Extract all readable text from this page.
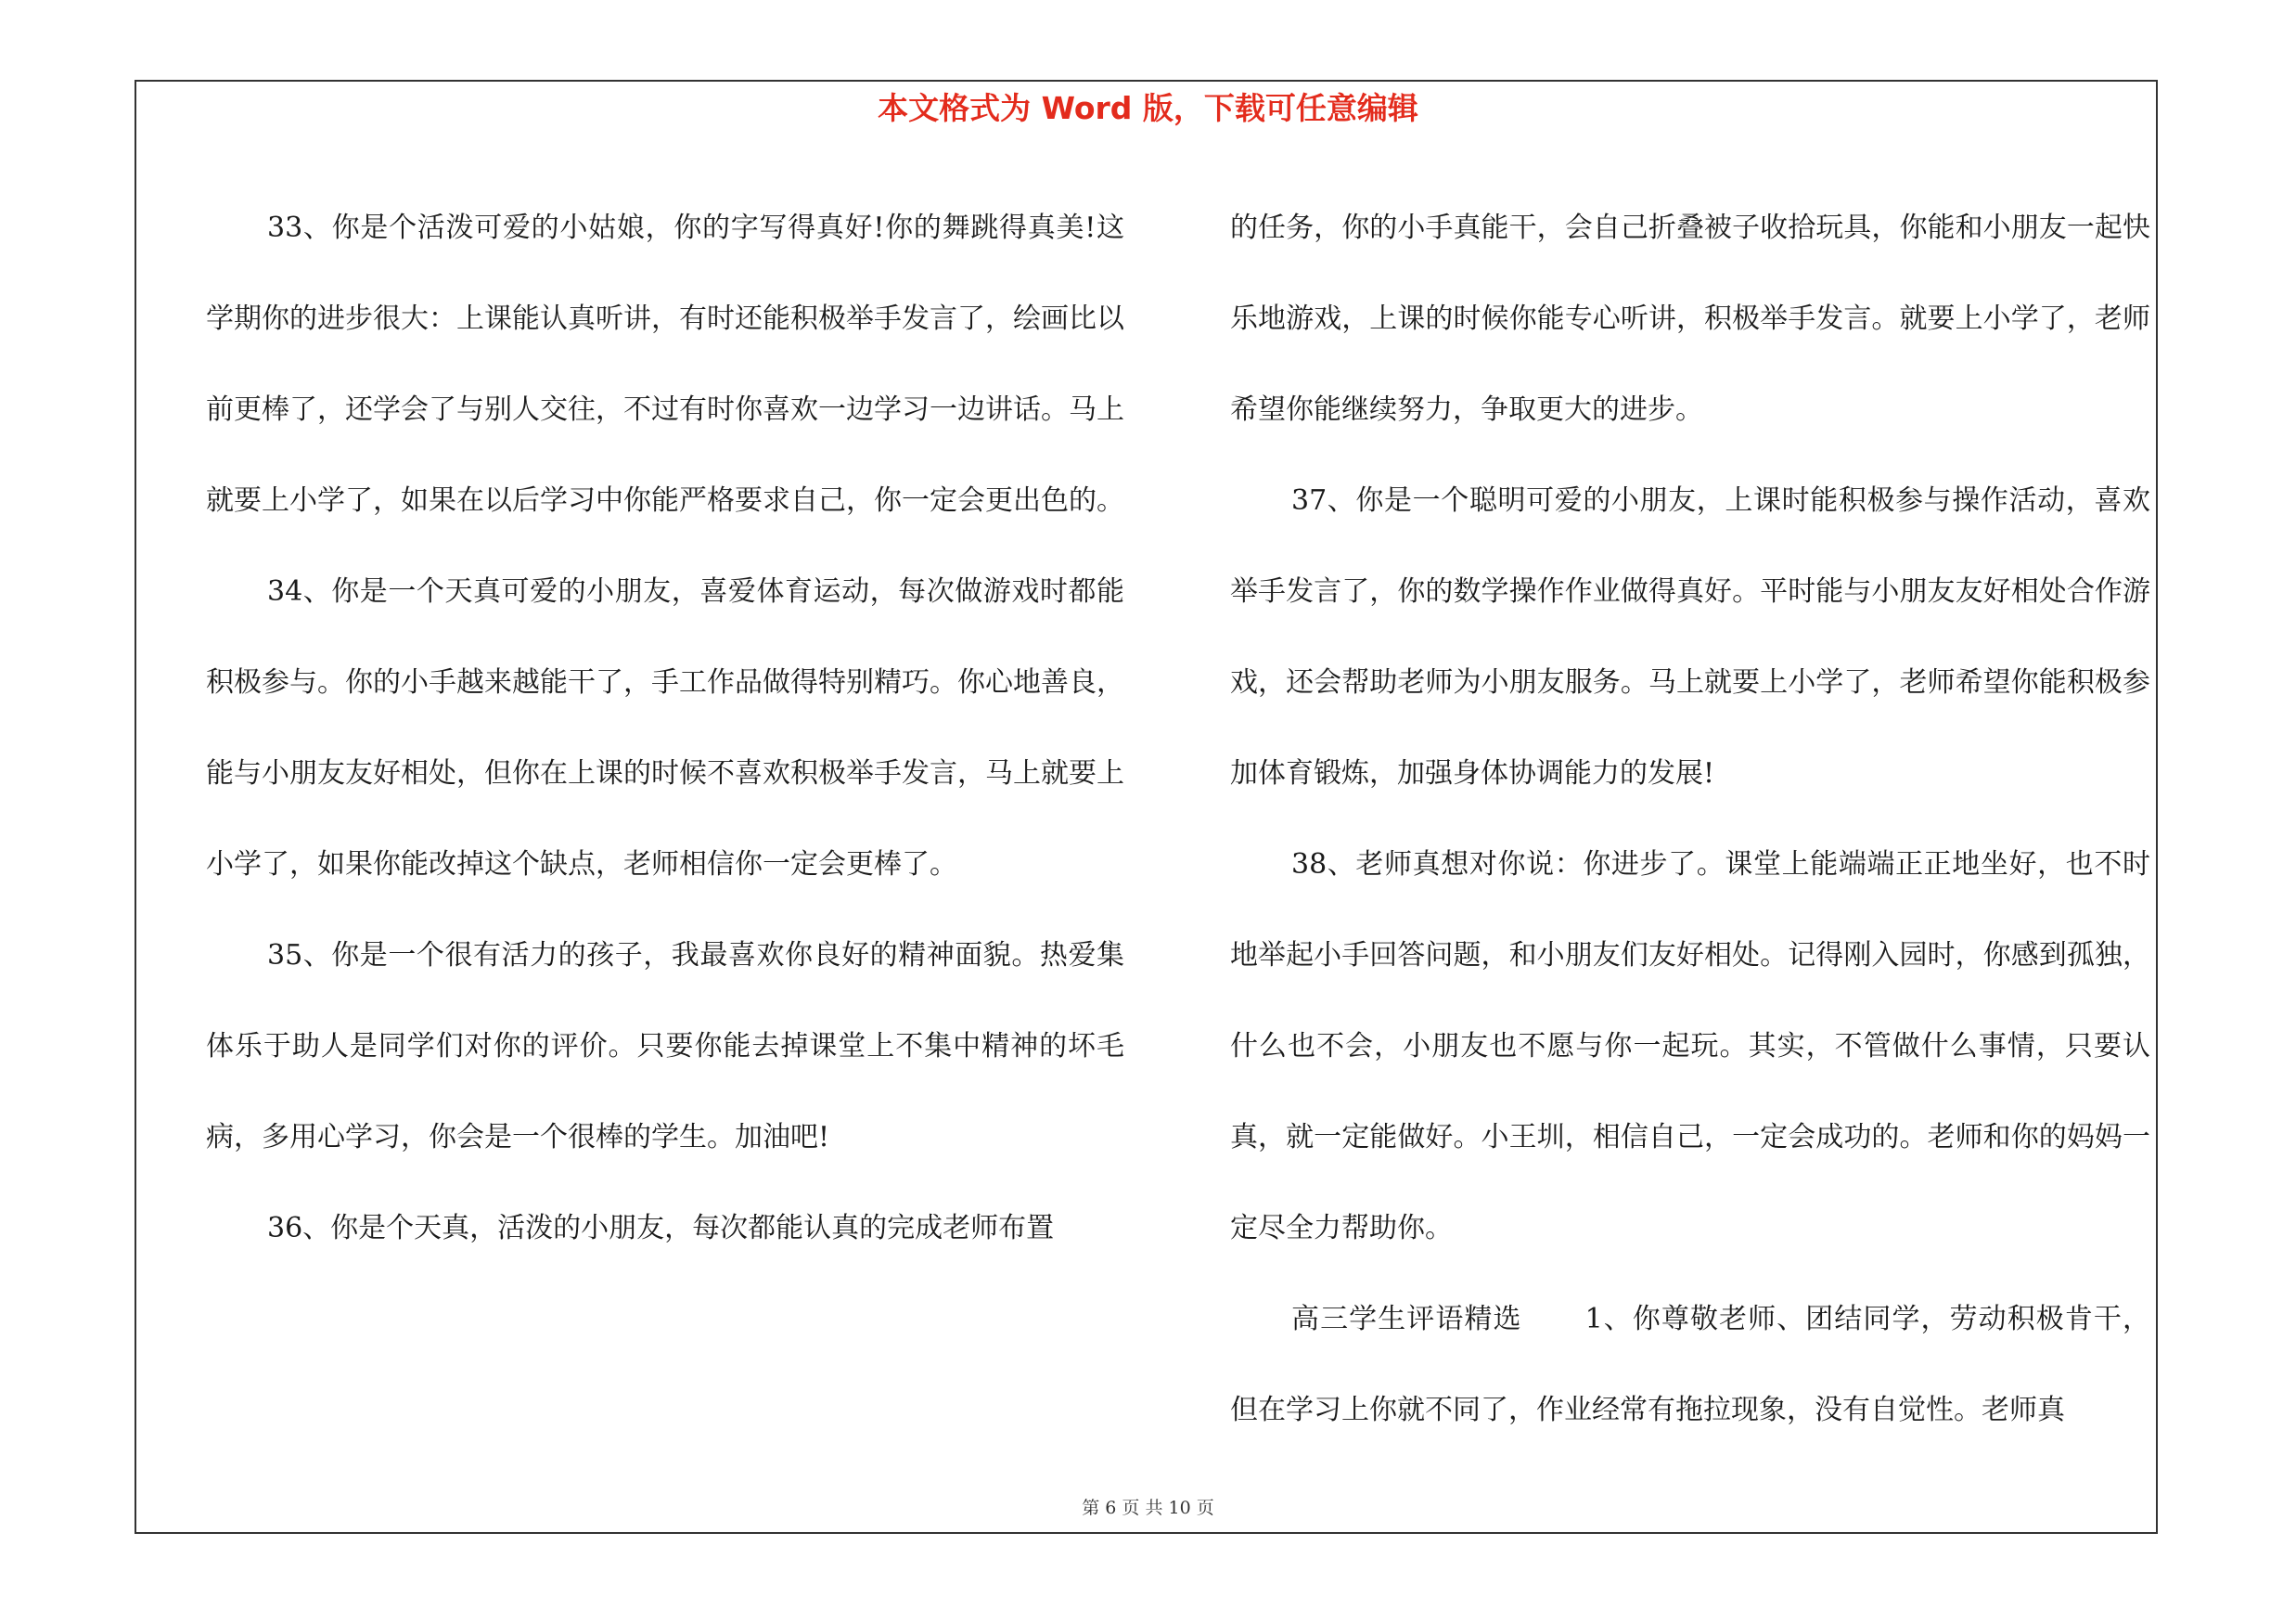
本文格式为 Word 版，下载可任意编辑

33、你是个活泼可爱的小姑娘，你的字写得真好!你的舞跳得真美!这学期你的进步很大：上课能认真听讲，有时还能积极举手发言了，绘画比以前更棒了，还学会了与别人交往，不过有时你喜欢一边学习一边讲话。马上就要上小学了，如果在以后学习中你能严格要求自己，你一定会更出色的。

34、你是一个天真可爱的小朋友，喜爱体育运动，每次做游戏时都能积极参与。你的小手越来越能干了，手工作品做得特别精巧。你心地善良，能与小朋友友好相处，但你在上课的时候不喜欢积极举手发言，马上就要上小学了，如果你能改掉这个缺点，老师相信你一定会更棒了。

35、你是一个很有活力的孩子，我最喜欢你良好的精神面貌。热爱集体乐于助人是同学们对你的评价。只要你能去掉课堂上不集中精神的坏毛病，多用心学习，你会是一个很棒的学生。加油吧!

36、你是个天真，活泼的小朋友，每次都能认真的完成老师布置

的任务，你的小手真能干，会自己折叠被子收拾玩具，你能和小朋友一起快乐地游戏，上课的时候你能专心听讲，积极举手发言。就要上小学了，老师希望你能继续努力，争取更大的进步。

37、你是一个聪明可爱的小朋友，上课时能积极参与操作活动，喜欢举手发言了，你的数学操作作业做得真好。平时能与小朋友友好相处合作游戏，还会帮助老师为小朋友服务。马上就要上小学了，老师希望你能积极参加体育锻炼，加强身体协调能力的发展!

38、老师真想对你说：你进步了。课堂上能端端正正地坐好，也不时地举起小手回答问题，和小朋友们友好相处。记得刚入园时，你感到孤独，什么也不会，小朋友也不愿与你一起玩。其实，不管做什么事情，只要认真，就一定能做好。小王圳，相信自己，一定会成功的。老师和你的妈妈一定尽全力帮助你。

高三学生评语精选 1、你尊敬老师、团结同学，劳动积极肯干，但在学习上你就不同了，作业经常有拖拉现象，没有自觉性。老师真

第 6 页 共 10 页
